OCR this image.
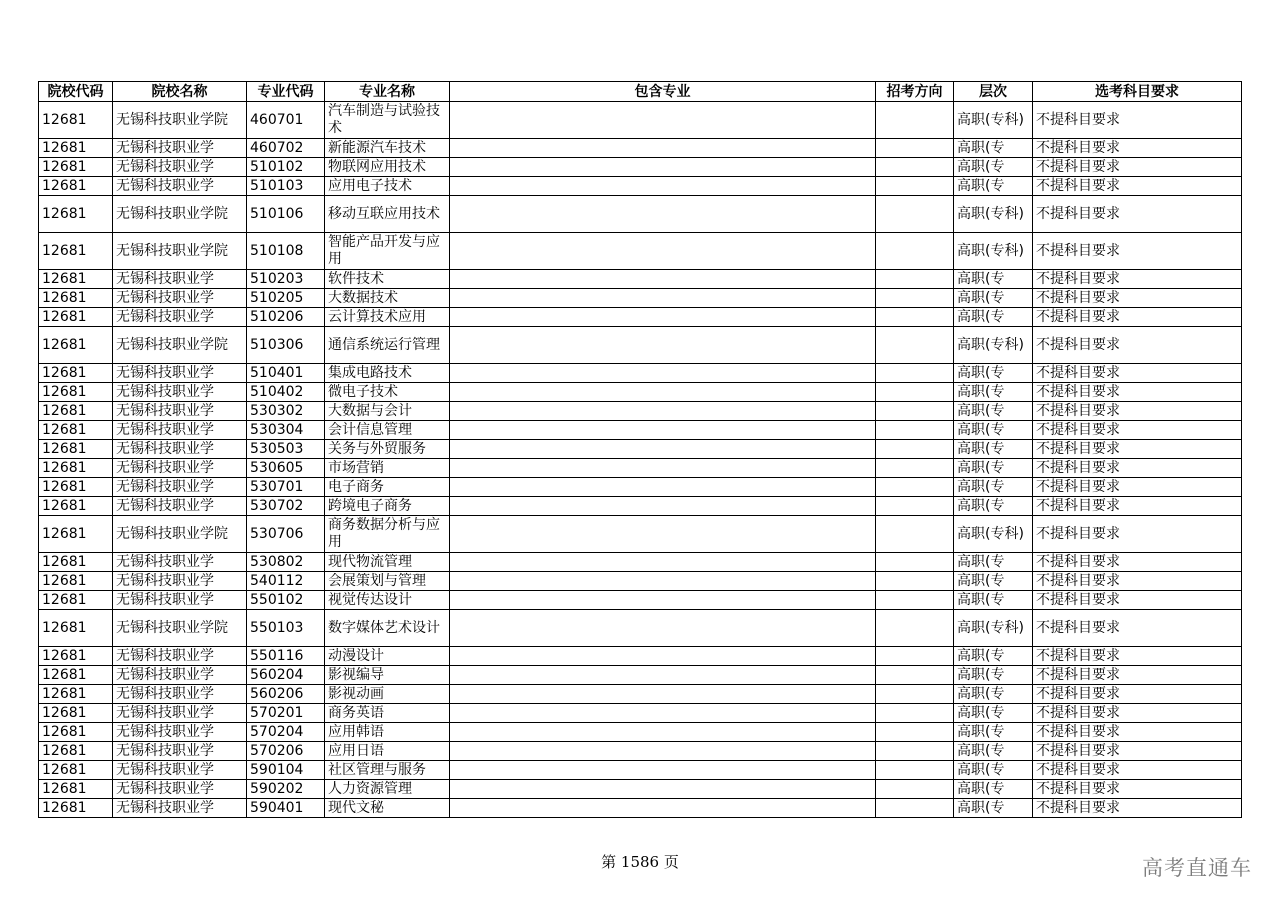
院校代码	院校名称	专业代码	专业名称	包含专业	招考方向	层次	选考科目要求
12681	无锡科技职业学院	460701	汽车制造与试验技术			高职(专科)	不提科目要求
12681	无锡科技职业学	460702	新能源汽车技术			高职(专	不提科目要求
12681	无锡科技职业学	510102	物联网应用技术			高职(专	不提科目要求
12681	无锡科技职业学	510103	应用电子技术			高职(专	不提科目要求
12681	无锡科技职业学院	510106	移动互联应用技术			高职(专科)	不提科目要求
12681	无锡科技职业学院	510108	智能产品开发与应用			高职(专科)	不提科目要求
12681	无锡科技职业学	510203	软件技术			高职(专	不提科目要求
12681	无锡科技职业学	510205	大数据技术			高职(专	不提科目要求
12681	无锡科技职业学	510206	云计算技术应用			高职(专	不提科目要求
12681	无锡科技职业学院	510306	通信系统运行管理			高职(专科)	不提科目要求
12681	无锡科技职业学	510401	集成电路技术			高职(专	不提科目要求
12681	无锡科技职业学	510402	微电子技术			高职(专	不提科目要求
12681	无锡科技职业学	530302	大数据与会计			高职(专	不提科目要求
12681	无锡科技职业学	530304	会计信息管理			高职(专	不提科目要求
12681	无锡科技职业学	530503	关务与外贸服务			高职(专	不提科目要求
12681	无锡科技职业学	530605	市场营销			高职(专	不提科目要求
12681	无锡科技职业学	530701	电子商务			高职(专	不提科目要求
12681	无锡科技职业学	530702	跨境电子商务			高职(专	不提科目要求
12681	无锡科技职业学院	530706	商务数据分析与应用			高职(专科)	不提科目要求
12681	无锡科技职业学	530802	现代物流管理			高职(专	不提科目要求
12681	无锡科技职业学	540112	会展策划与管理			高职(专	不提科目要求
12681	无锡科技职业学	550102	视觉传达设计			高职(专	不提科目要求
12681	无锡科技职业学院	550103	数字媒体艺术设计			高职(专科)	不提科目要求
12681	无锡科技职业学	550116	动漫设计			高职(专	不提科目要求
12681	无锡科技职业学	560204	影视编导			高职(专	不提科目要求
12681	无锡科技职业学	560206	影视动画			高职(专	不提科目要求
12681	无锡科技职业学	570201	商务英语			高职(专	不提科目要求
12681	无锡科技职业学	570204	应用韩语			高职(专	不提科目要求
12681	无锡科技职业学	570206	应用日语			高职(专	不提科目要求
12681	无锡科技职业学	590104	社区管理与服务			高职(专	不提科目要求
12681	无锡科技职业学	590202	人力资源管理			高职(专	不提科目要求
12681	无锡科技职业学	590401	现代文秘			高职(专	不提科目要求
第 1586 页	高考直通车
